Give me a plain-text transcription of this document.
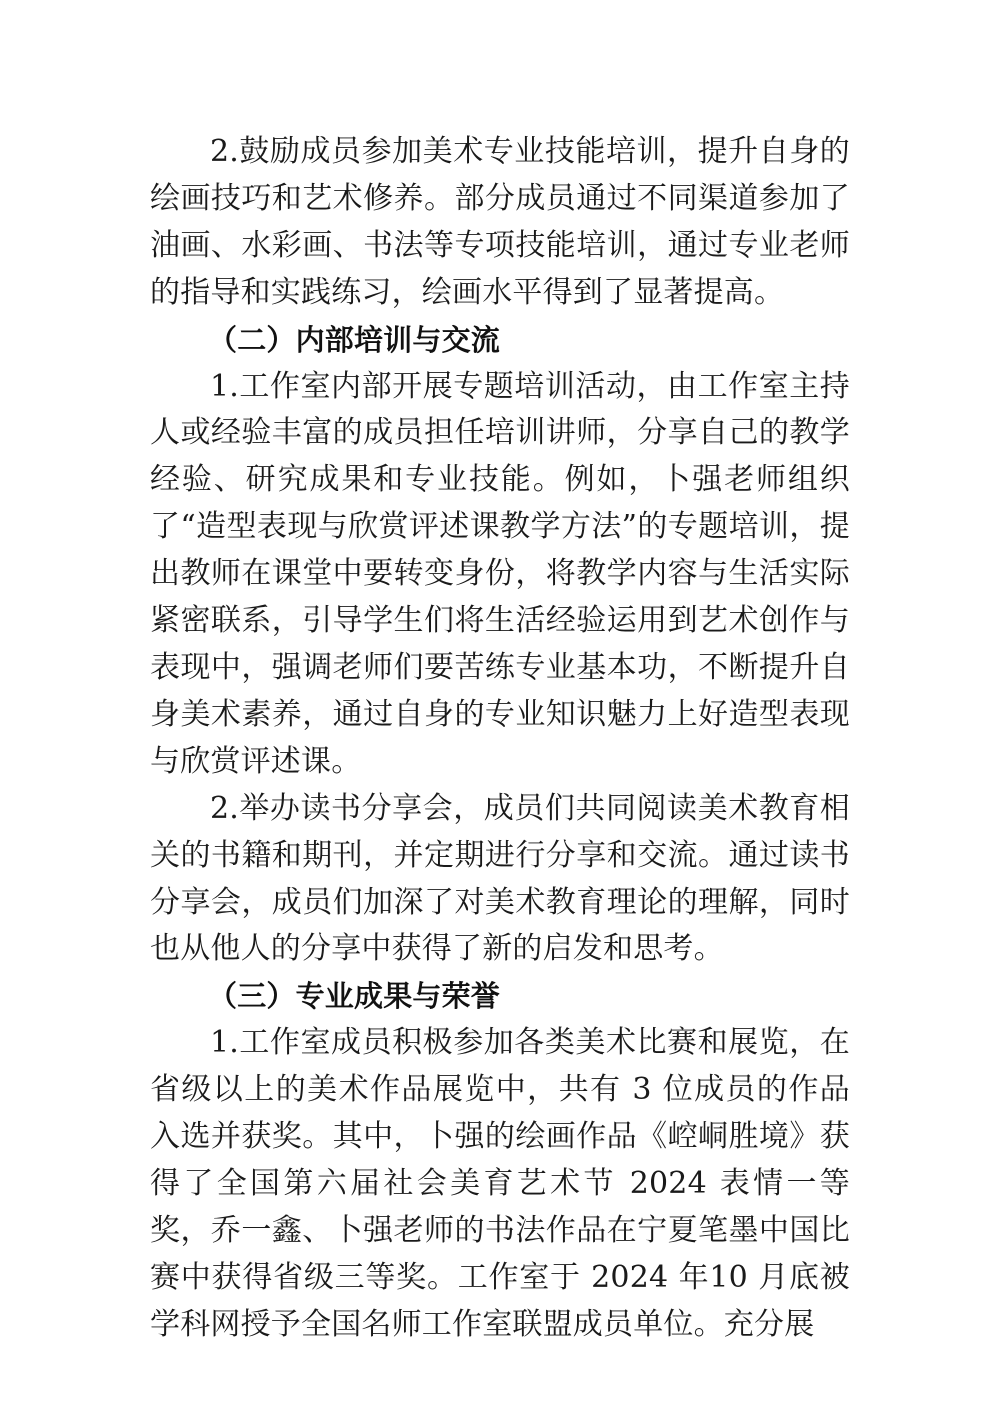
2.鼓励成员参加美术专业技能培训，提升自身的绘画技巧和艺术修养。部分成员通过不同渠道参加了油画、水彩画、书法等专项技能培训，通过专业老师的指导和实践练习，绘画水平得到了显著提高。

（二）内部培训与交流

1.工作室内部开展专题培训活动，由工作室主持人或经验丰富的成员担任培训讲师，分享自己的教学经验、研究成果和专业技能。例如，卜强老师组织了“造型表现与欣赏评述课教学方法”的专题培训，提出教师在课堂中要转变身份，将教学内容与生活实际紧密联系，引导学生们将生活经验运用到艺术创作与表现中，强调老师们要苦练专业基本功，不断提升自身美术素养，通过自身的专业知识魅力上好造型表现与欣赏评述课。

2.举办读书分享会，成员们共同阅读美术教育相关的书籍和期刊，并定期进行分享和交流。通过读书分享会，成员们加深了对美术教育理论的理解，同时也从他人的分享中获得了新的启发和思考。

（三）专业成果与荣誉

1.工作室成员积极参加各类美术比赛和展览，在省级以上的美术作品展览中，共有 3 位成员的作品入选并获奖。其中，卜强的绘画作品《崆峒胜境》获得了全国第六届社会美育艺术节 2024 表情一等奖，乔一鑫、卜强老师的书法作品在宁夏笔墨中国比赛中获得省级三等奖。工作室于 2024 年10 月底被学科网授予全国名师工作室联盟成员单位。充分展
